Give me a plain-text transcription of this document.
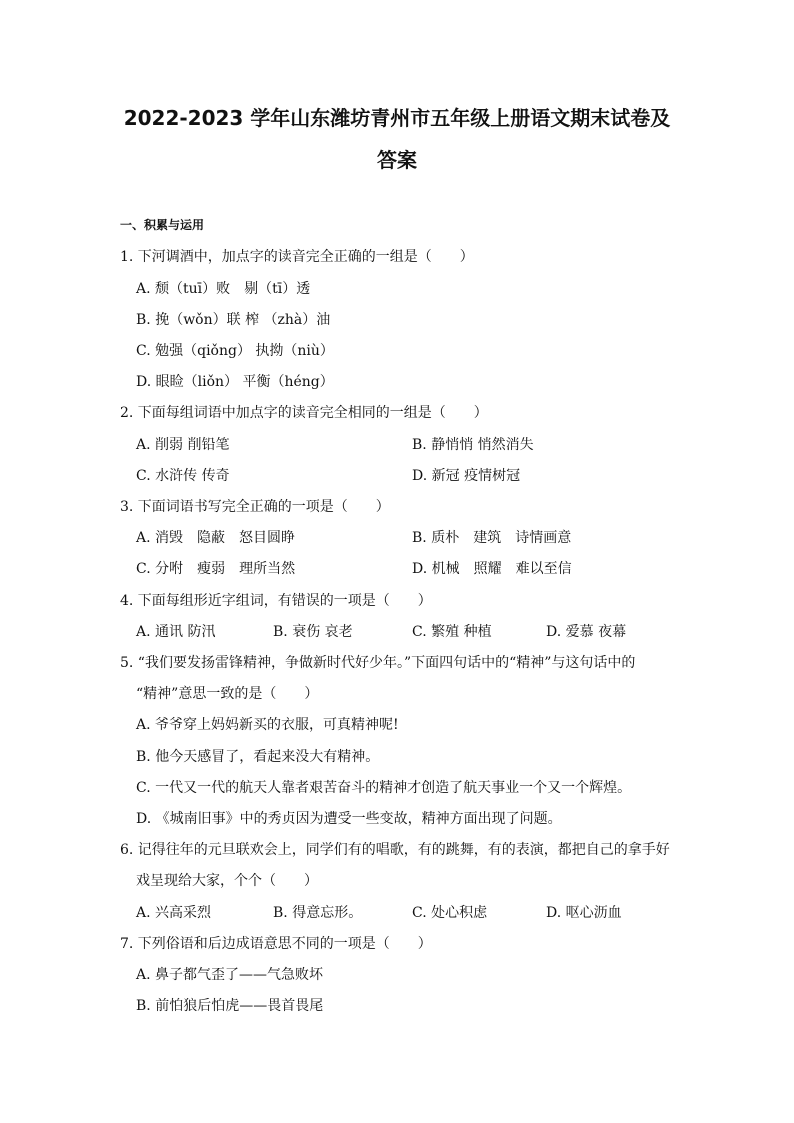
2022-2023 学年山东潍坊青州市五年级上册语文期末试卷及
答案
一、积累与运用
1. 下河调酒中，加点字的读音完全正确的一组是（　　）
A. 颓（tuī）败　剔（tī）透
B. 挽（wǒn）联 榨 （zhà）油
C. 勉强（qiǒng） 执拗（niù）
D. 眼睑（liǒn） 平衡（héng）
2. 下面每组词语中加点字的读音完全相同的一组是（　　）
A. 削弱 削铅笔	B. 静悄悄 悄然消失
C. 水浒传 传奇	D. 新冠 疫情树冠
3. 下面词语书写完全正确的一项是（　　）
A. 消毁　隐蔽　怒目圆睁	B. 质朴　建筑　诗情画意
C. 分咐　瘦弱　理所当然	D. 机械　照耀　难以至信
4. 下面每组形近字组词，有错误的一项是（　　）
A. 通讯 防汛	B. 衰伤 哀老	C. 繁殖 种植	D. 爱慕 夜幕
5. “我们要发扬雷锋精神，争做新时代好少年。”下面四句话中的“精神”与这句话中的
“精神”意思一致的是（　　）
A. 爷爷穿上妈妈新买的衣服，可真精神呢!
B. 他今天感冒了，看起来没大有精神。
C. 一代又一代的航天人靠者艰苦奋斗的精神才创造了航天事业一个又一个辉煌。
D. 《城南旧事》中的秀贞因为遭受一些变故，精神方面出现了问题。
6. 记得往年的元旦联欢会上，同学们有的唱歌，有的跳舞，有的表演，都把自己的拿手好
戏呈现给大家，个个（　　）
A. 兴高采烈	B. 得意忘形。	C. 处心积虑	D. 呕心沥血
7. 下列俗语和后边成语意思不同的一项是（　　）
A. 鼻子都气歪了——气急败坏
B. 前怕狼后怕虎——畏首畏尾
